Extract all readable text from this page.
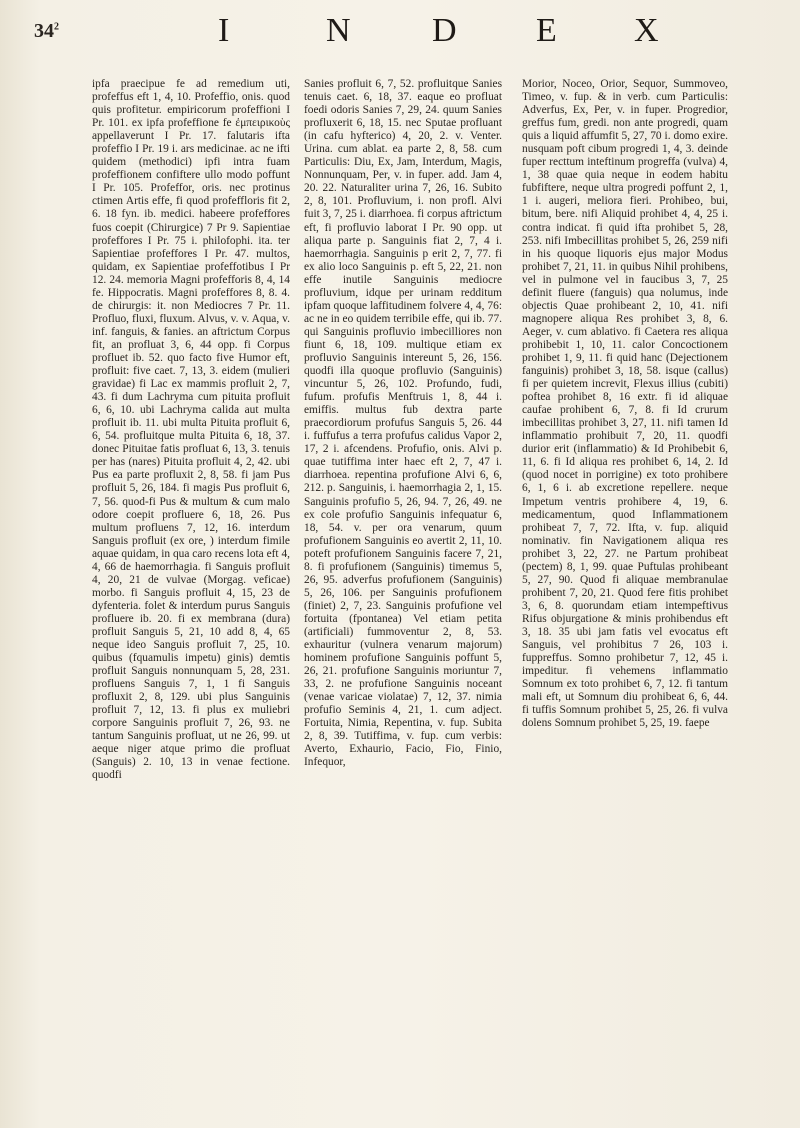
$34^2$	I	N D E X

ipfa praecipue fe ad remedium uti, profeffus eft 1, 4, 10. Profeffio, onis. quod quis profitetur. empiricorum profeffioni I Pr. 101. ex ipfa profeffione fe ἐμπειρικοὺς appellaverunt I Pr. 17. falutaris ifta profeffio I Pr. 19 i. ars medicinae. ac ne ifti quidem (methodici) ipfi intra fuam profeffionem confiftere ullo modo poffunt I Pr. 105. Profeffor, oris. nec protinus ctimen Artis effe, fi quod profeffloris fit 2, 6. 18 fyn. ib. medici. habeere profeffores fuos coepit (Chirurgice) 7 Pr 9. Sapientiae profeffores I Pr. 75 i. philofophi. ita. ter Sapientiae profeffores I Pr. 47. multos, quidam, ex Sapientiae profeffotibus I Pr 12. 24. memoria Magni profefforis 8, 4, 14 fe. Hippocratis. Magni profeffores 8, 8. 4. de chirurgis: it. non Mediocres 7 Pr. 11. Profluo, fluxi, fluxum. Alvus, v. v. Aqua, v. inf. fanguis, & fanies. an aftrictum Corpus fit, an profluat 3, 6, 44 opp. fi Corpus profluet ib. 52. quo facto five Humor eft, profluit: five caet. 7, 13, 3. eidem (mulieri gravidae) fi Lac ex mammis profluit 2, 7, 43. fi dum Lachryma cum pituita profluit 6, 6, 10. ubi Lachryma calida aut multa profluit ib. 11. ubi multa Pituita profluit 6, 6, 54. profluitque multa Pituita 6, 18, 37. donec Pituitae fatis profluat 6, 13, 3. tenuis per has (nares) Pituita profluit 4, 2, 42. ubi Pus ea parte profluxit 2, 8, 58. fi jam Pus profluit 5, 26, 184. fi magis Pus profluit 6, 7, 56. quod-fi Pus & multum & cum malo odore coepit profluere 6, 18, 26. Pus multum profluens 7, 12, 16. interdum Sanguis profluit (ex ore, ) interdum fimile aquae quidam, in qua caro recens lota eft 4, 4, 66 de haemorrhagia. fi Sanguis profluit 4, 20, 21 de vulvae (Morgag. veficae) morbo. fi Sanguis profluit 4, 15, 23 de dyfenteria. folet & interdum purus Sanguis profluere ib. 20. fi ex membrana (dura) profluit Sanguis 5, 21, 10 add 8, 4, 65 neque ideo Sanguis profluit 7, 25, 10. quibus (fquamulis impetu) ginis) demtis profluit Sanguis nonnunquam 5, 28, 231. profluens Sanguis 7, 1, 1 fi Sanguis profluxit 2, 8, 129. ubi plus Sanguinis profluit 7, 12, 13. fi plus ex muliebri corpore Sanguinis profluit 7, 26, 93. ne tantum Sanguinis profluat, ut ne 26, 99. ut aeque niger atque primo die profluat (Sanguis) 2. 10, 13 in venae fectione. quodfi

Sanies profluit 6, 7, 52. profluitque Sanies tenuis caet. 6, 18, 37. eaque eo profluat foedi odoris Sanies 7, 29, 24. quum Sanies profluxerit 6, 18, 15. nec Sputae profluant (in cafu hyfterico) 4, 20, 2. v. Venter. Urina. cum ablat. ea parte 2, 8, 58. cum Particulis: Diu, Ex, Jam, Interdum, Magis, Nonnunquam, Per, v. in fuper. add. Jam 4, 20. 22. Naturaliter urina 7, 26, 16. Subito 2, 8, 101. Profluvium, i. non profl. Alvi fuit 3, 7, 25 i. diarrhoea. fi corpus aftrictum eft, fi profluvio laborat I Pr. 90 opp. ut aliqua parte p. Sanguinis fiat 2, 7, 4 i. haemorrhagia. Sanguinis p erit 2, 7, 77. fi ex alio loco Sanguinis p. eft 5, 22, 21. non effe inutile Sanguinis mediocre profluvium, idque per urinam redditum ipfam quoque laffitudinem folvere 4, 4, 76: ac ne in eo quidem terribile effe, qui ib. 77. qui Sanguinis profluvio imbecilliores non fiunt 6, 18, 109. multique etiam ex profluvio Sanguinis intereunt 5, 26, 156. quodfi illa quoque profluvio (Sanguinis) vincuntur 5, 26, 102. Profundo, fudi, fufum. profufis Menftruis 1, 8, 44 i. emiffis. multus fub dextra parte praecordiorum profufus Sanguis 5, 26. 44 i. fuffufus a terra profufus calidus Vapor 2, 17, 2 i. afcendens. Profufio, onis. Alvi p. quae tutiffima inter haec eft 2, 7, 47 i. diarrhoea. repentina profufione Alvi 6, 6, 212. p. Sanguinis, i. haemorrhagia 2, 1, 15. Sanguinis profufio 5, 26, 94. 7, 26, 49. ne ex cole profufio Sanguinis infequatur 6, 18, 54. v. per ora venarum, quum profufionem Sanguinis eo avertit 2, 11, 10. poteft profufionem Sanguinis facere 7, 21, 8. fi profufionem (Sanguinis) timemus 5, 26, 95. adverfus profufionem (Sanguinis) 5, 26, 106. per Sanguinis profufionem (finiet) 2, 7, 23. Sanguinis profufione vel fortuita (fpontanea) Vel etiam petita (artificiali) fummoventur 2, 8, 53. exhauritur (vulnera venarum majorum) hominem profufione Sanguinis poffunt 5, 26, 21. profufione Sanguinis moriuntur 7, 33, 2. ne profufione Sanguinis noceant (venae varicae violatae) 7, 12, 37. nimia profufio Seminis 4, 21, 1. cum adject. Fortuita, Nimia, Repentina, v. fup. Subita 2, 8, 39. Tutiffima, v. fup. cum verbis: Averto, Exhaurio, Facio, Fio, Finio, Infequor,

Morior, Noceo, Orior, Sequor, Summoveo, Timeo, v. fup. & in verb. cum Particulis: Adverfus, Ex, Per, v. in fuper. Progredior, greffus fum, gredi. non ante progredi, quam quis a liquid affumfit 5, 27, 70 i. domo exire. nusquam poft cibum progredi 1, 4, 3. deinde fuper recttum inteftinum progreffa (vulva) 4, 1, 38 quae quia neque in eodem habitu fubfiftere, neque ultra progredi poffunt 2, 1, 1 i. augeri, meliora fieri. Prohibeo, bui, bitum, bere. nifi Aliquid prohibet 4, 4, 25 i. contra indicat. fi quid ifta prohibet 5, 28, 253. nifi Imbecillitas prohibet 5, 26, 259 nifi in his quoque liquoris ejus major Modus prohibet 7, 21, 11. in quibus Nihil prohibens, vel in pulmone vel in faucibus 3, 7, 25 definit fluere (fanguis) qua nolumus, inde objectis Quae prohibeant 2, 10, 41. nifi magnopere aliqua Res prohibet 3, 8, 6. Aeger, v. cum ablativo. fi Caetera res aliqua prohibebit 1, 10, 11. calor Concoctionem prohibet 1, 9, 11. fi quid hanc (Dejectionem fanguinis) prohibet 3, 18, 58. isque (callus) fi per quietem increvit, Flexus illius (cubiti) poftea prohibet 8, 16 extr. fi id aliquae caufae prohibent 6, 7, 8. fi Id crurum imbecillitas prohibet 3, 27, 11. nifi tamen Id inflammatio prohibuit 7, 20, 11. quodfi durior erit (inflammatio) & Id Prohibebit 6, 11, 6. fi Id aliqua res prohibet 6, 14, 2. Id (quod nocet in porrigine) ex toto prohibere 6, 1, 6 i. ab excretione repellere. neque Impetum ventris prohibere 4, 19, 6. medicamentum, quod Inflammationem prohibeat 7, 7, 72. Ifta, v. fup. aliquid nominativ. fin Navigationem aliqua res prohibet 3, 22, 27. ne Partum prohibeat (pectem) 8, 1, 99. quae Puftulas prohibeant 5, 27, 90. Quod fi aliquae membranulae prohibent 7, 20, 21. Quod fere fitis prohibet 3, 6, 8. quorundam etiam intempeftivus Rifus objurgatione & minis prohibendus eft 3, 18. 35 ubi jam fatis vel evocatus eft Sanguis, vel prohibitus 7 26, 103 i. fuppreffus. Somno prohibetur 7, 12, 45 i. impeditur. fi vehemens inflammatio Somnum ex toto prohibet 6, 7, 12. fi tantum mali eft, ut Somnum diu prohibeat 6, 6, 44. fi tuffis Somnum prohibet 5, 25, 26. fi vulva dolens Somnum prohibet 5, 25, 19. faepe
